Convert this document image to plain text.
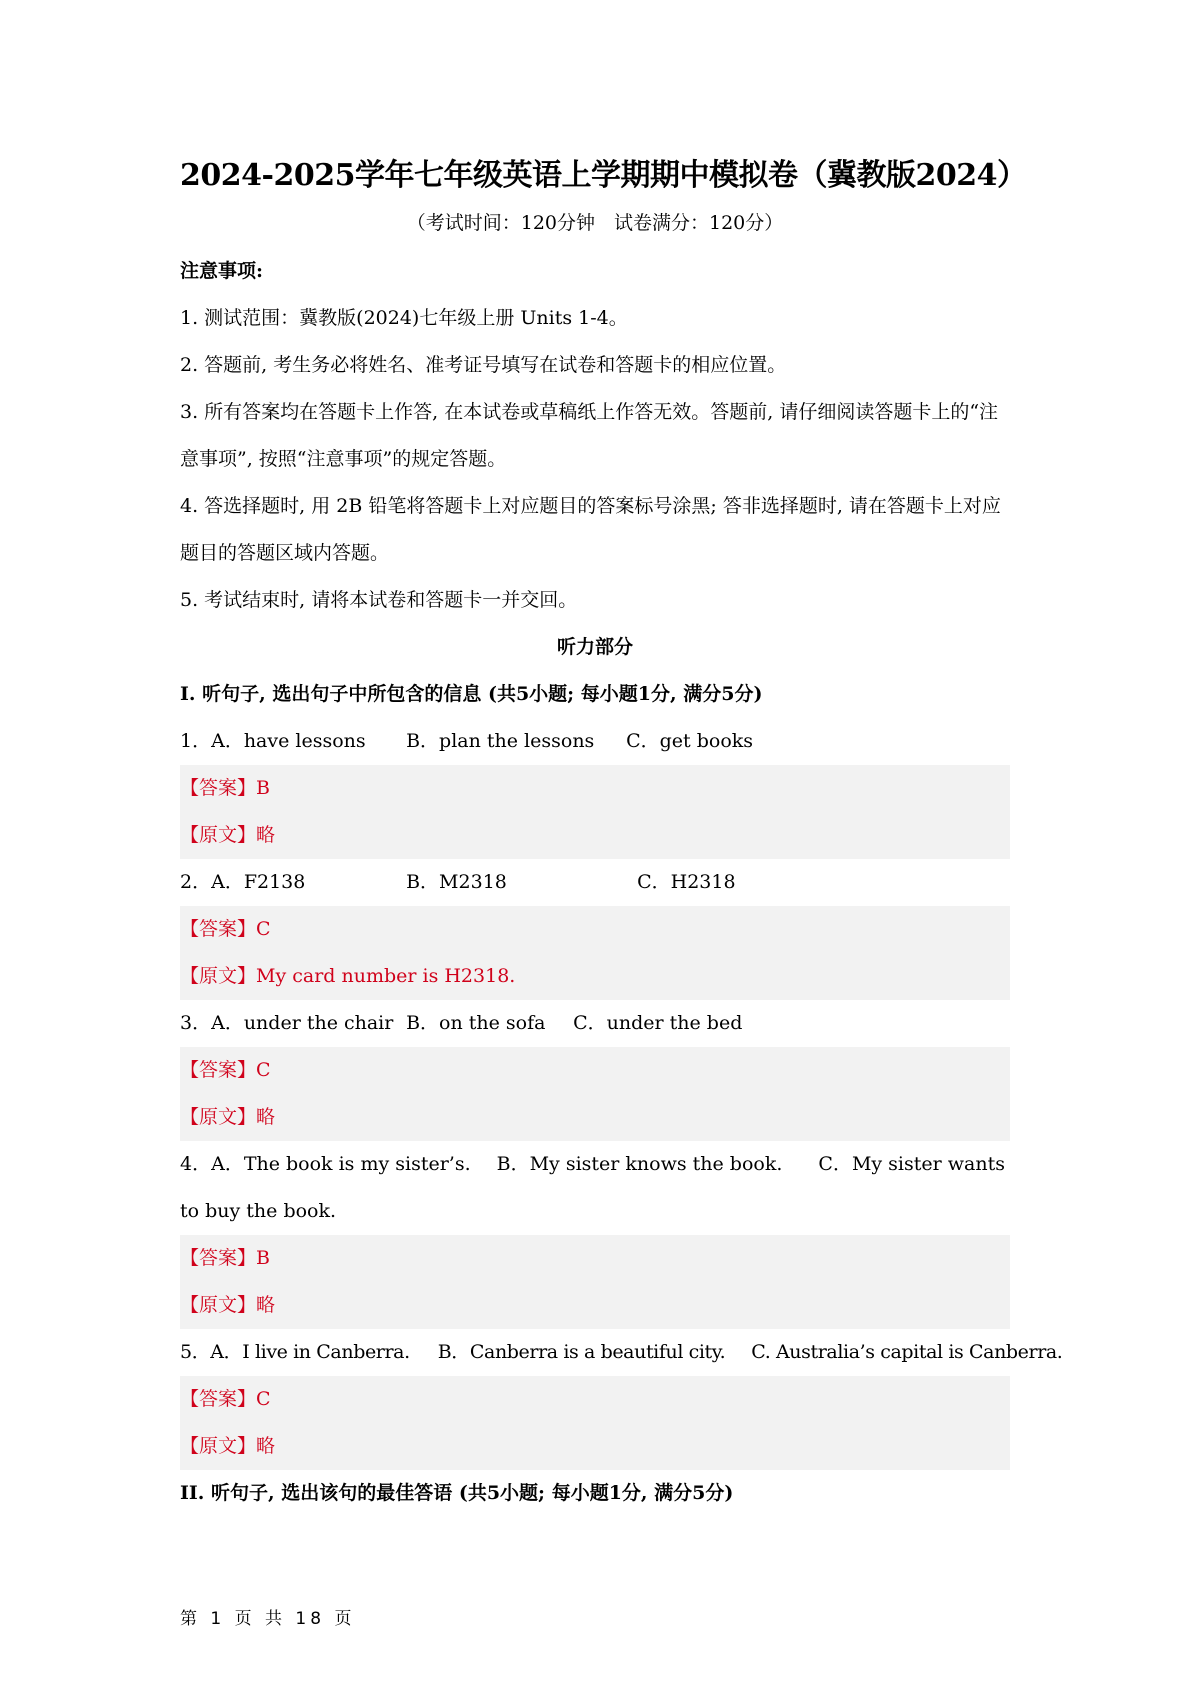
2024-2025学年七年级英语上学期期中模拟卷（冀教版2024）

（考试时间：120分钟　试卷满分：120分）

注意事项:

1. 测试范围：冀教版(2024)七年级上册 Units 1-4。

2. 答题前, 考生务必将姓名、准考证号填写在试卷和答题卡的相应位置。

3. 所有答案均在答题卡上作答, 在本试卷或草稿纸上作答无效。答题前, 请仔细阅读答题卡上的“注意事项”, 按照“注意事项”的规定答题。

4. 答选择题时, 用 2B 铅笔将答题卡上对应题目的答案标号涂黑; 答非选择题时, 请在答题卡上对应题目的答题区域内答题。

5. 考试结束时, 请将本试卷和答题卡一并交回。

听力部分

I. 听句子, 选出句子中所包含的信息 (共5小题; 每小题1分, 满分5分)

1．A．have lessons B．plan the lessons C．get books

【答案】B

【原文】略

2．A．F2138	B．M2318	C．H2318

【答案】C

【原文】My card number is H2318.

3．A．under the chair B．on the sofa C．under the bed

【答案】C

【原文】略

4．A．The book is my sister’s. B．My sister knows the book. C．My sister wants to buy the book.

【答案】B

【原文】略

5．A．I live in Canberra. B．Canberra is a beautiful city. C. Australia’s capital is Canberra.

【答案】C

【原文】略

II. 听句子, 选出该句的最佳答语 (共5小题; 每小题1分, 满分5分)

第 1 页 共 18 页
